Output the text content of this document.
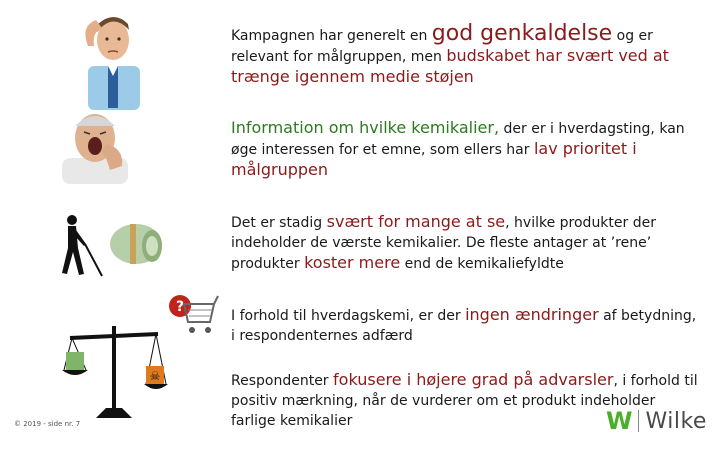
?
☠
Kampagnen har generelt en god genkaldelse og er relevant for målgruppen, men budskabet har svært ved at trænge igennem medie støjen
Information om hvilke kemikalier, der er i hverdagsting, kan øge interessen for et emne, som ellers har lav prioritet i målgruppen
Det er stadig svært for mange at se, hvilke produkter der indeholder de værste kemikalier. De fleste antager at ’rene’ produkter koster mere end de kemikaliefyldte
I forhold til hverdagskemi, er der ingen ændringer af betydning, i respondenternes adfærd
Respondenter fokusere i højere grad på advarsler, i forhold til positiv mærkning, når de vurderer om et produkt indeholder farlige kemikalier
© 2019 - side nr. 7	W Wilke
